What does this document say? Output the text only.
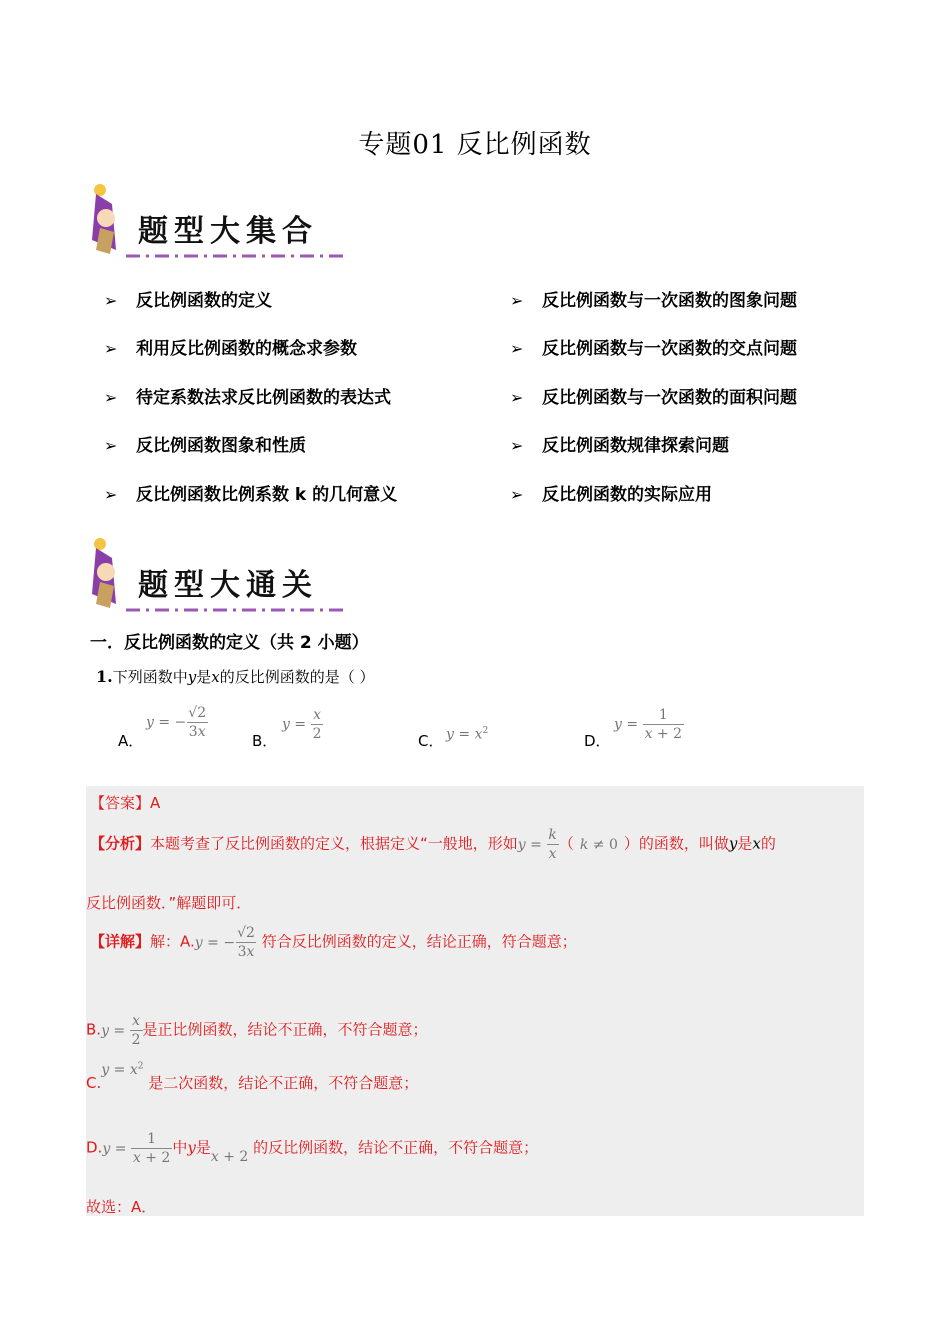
专题01 反比例函数
题型大集合
➢ 反比例函数的定义
➢ 利用反比例函数的概念求参数
➢ 待定系数法求反比例函数的表达式
➢ 反比例函数图象和性质
➢ 反比例函数比例系数 k 的几何意义
➢ 反比例函数与一次函数的图象问题
➢ 反比例函数与一次函数的交点问题
➢ 反比例函数与一次函数的面积问题
➢ 反比例函数规律探索问题
➢ 反比例函数的实际应用
题型大通关
一．反比例函数的定义（共 2 小题）
1.下列函数中y是x的反比例函数的是（ ）
A．
y = − $\frac{√2}{3x}$	B．
$y = \frac{x}{2}$	C． $y = x^2$
D．
$y = \frac{1}{x + 2}$
【答案】A
【分析】本题考查了反比例函数的定义，根据定义“一般地，形如$y = \frac{k}{x}$ （ k ≠ 0 ）的函数，叫做y是x的
反比例函数．”解题即可．
【详解】解：A.y = − $\frac{√2}{3x}$ 符合反比例函数的定义，结论正确，符合题意；
$B.y = \frac{x}{2}$ 是正比例函数，结论不正确，不符合题意；
$C.y = x^2$ 是二次函数，结论不正确，不符合题意；
$D.y = \frac{1}{x + 2}$ 中y是x + 2 的反比例函数，结论不正确，不符合题意；
故选：A．
